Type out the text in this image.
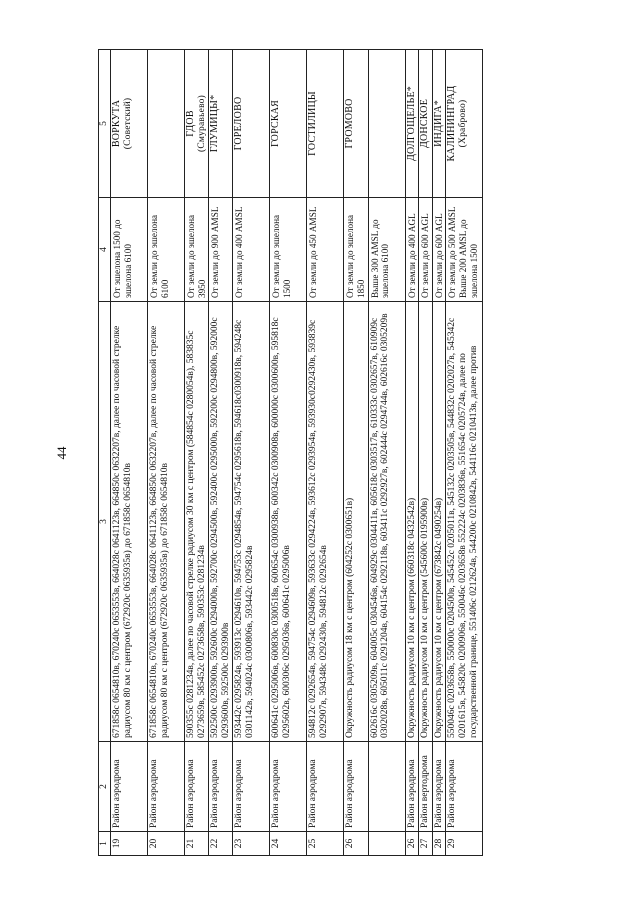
44
1	2	3	4	5
19	Район аэродрома	671858с 0654810в, 670240с 0653553в, 664028с 0641123в, 664850с 0632207в, далее по часовой стрелке радиусом 80 км с центром (672920с 0635935в) до 671858с 0654810в	От эшелона 1500 до эшелона 6100	ВОРКУТА (Советский)

20	Район аэродрома	671858с 0654810в, 670240с 0653553в, 664028с 0641123в, 664850с 0632207в, далее по часовой стрелке радиусом 80 км с центром (672920с 0635935в) до 671858с 0654810в	От земли до эшелона 6100	

21	Район аэродрома	590355с 0281234в, далее по часовой стрелке радиусом 30 км с центром (584854с 0280054в), 583835с 0273659в, 585452с 0273658в, 590353с 0281234в	От земли до эшелона 3950	ГДОВ (Смуравьево)

22	Район аэродрома	592500с 0293900в, 592600с 0294000в, 592700с 0294500в, 592400с 0295000в, 592200с 0294800в, 592000с 0293600в, 592500с 0293900в	От земли до 900 AMSL	ГЛУМИЦЫ*

23	Район аэродрома	593442с 0295824в, 593913с 0294610в, 594753с 0294854в, 594754с 0295618в, 594618с0300918в, 594248с 0301142в, 594024с 0300806в, 593442с 0295824в	От земли до 400 AMSL	ГОРЕЛОВО

24	Район аэродрома	600641с 0295006в, 600830с 0300518в, 600654с 0300938в, 600342с 0300908в, 600000с 0300600в, 595818с 0295602в, 600306с 0295036в, 600641с 0295006в	От земли до эшелона 1500	ГОРСКАЯ

25	Район аэродрома	594812с 0292654в, 594754с 0294609в, 593633с 0294224в, 593612с 0293954в, 593930с0292430в, 593839с 0292907в, 594348с 0292430в, 594812с 0292654в	От земли до 450 AMSL	ГОСТИЛИЦЫ

26	Район аэродрома	Окружность радиусом 18 км с центром (604252с 0300651в)	От земли до эшелона 1850	ГРОМОВО

		602616с 0305209в, 604005с 0304546в, 604929с 0304411в, 605618с 0303517в, 610333с 0302657в, 610909с 0302028в, 605011с 0291204в, 604154с 0292118в, 603411с 0292927в, 602444с 0294744в, 602616с 0305209в	Выше 300 AMSL до эшелона 6100	

26	Район аэродрома	Окружность радиусом 10 км с центром (660318с 0432542в)	От земли до 400 AGL	ДОЛГОЩЕЛЬЕ*

27	Район вертодрома	Окружность радиусом 10 км с центром (545600с 0195900в)	От земли до 600 AGL	ДОНСКОЕ

28	Район аэродрома	Окружность радиусом 10 км с центром (673842с 0490254в)	От земли до 600 AGL	ИНДИГА*

29	Район аэродрома	550046с 0203658в, 550000с 0204500в, 545452с 0205011в, 545132с 0203505в, 544832с 0202027в, 545342с 0201615в, 545820с 0200906в, 550046с 0203658в 552224с 0203836в, 551654с 0205724в, далее по государственной границе, 551406с 0212624в, 544200с 0210842в, 544116с 0210413в, далее против	От земли до 500 AMSL Выше 200 AMSL до эшелона 1500	КАЛИНИНГРАД (Храброво)
